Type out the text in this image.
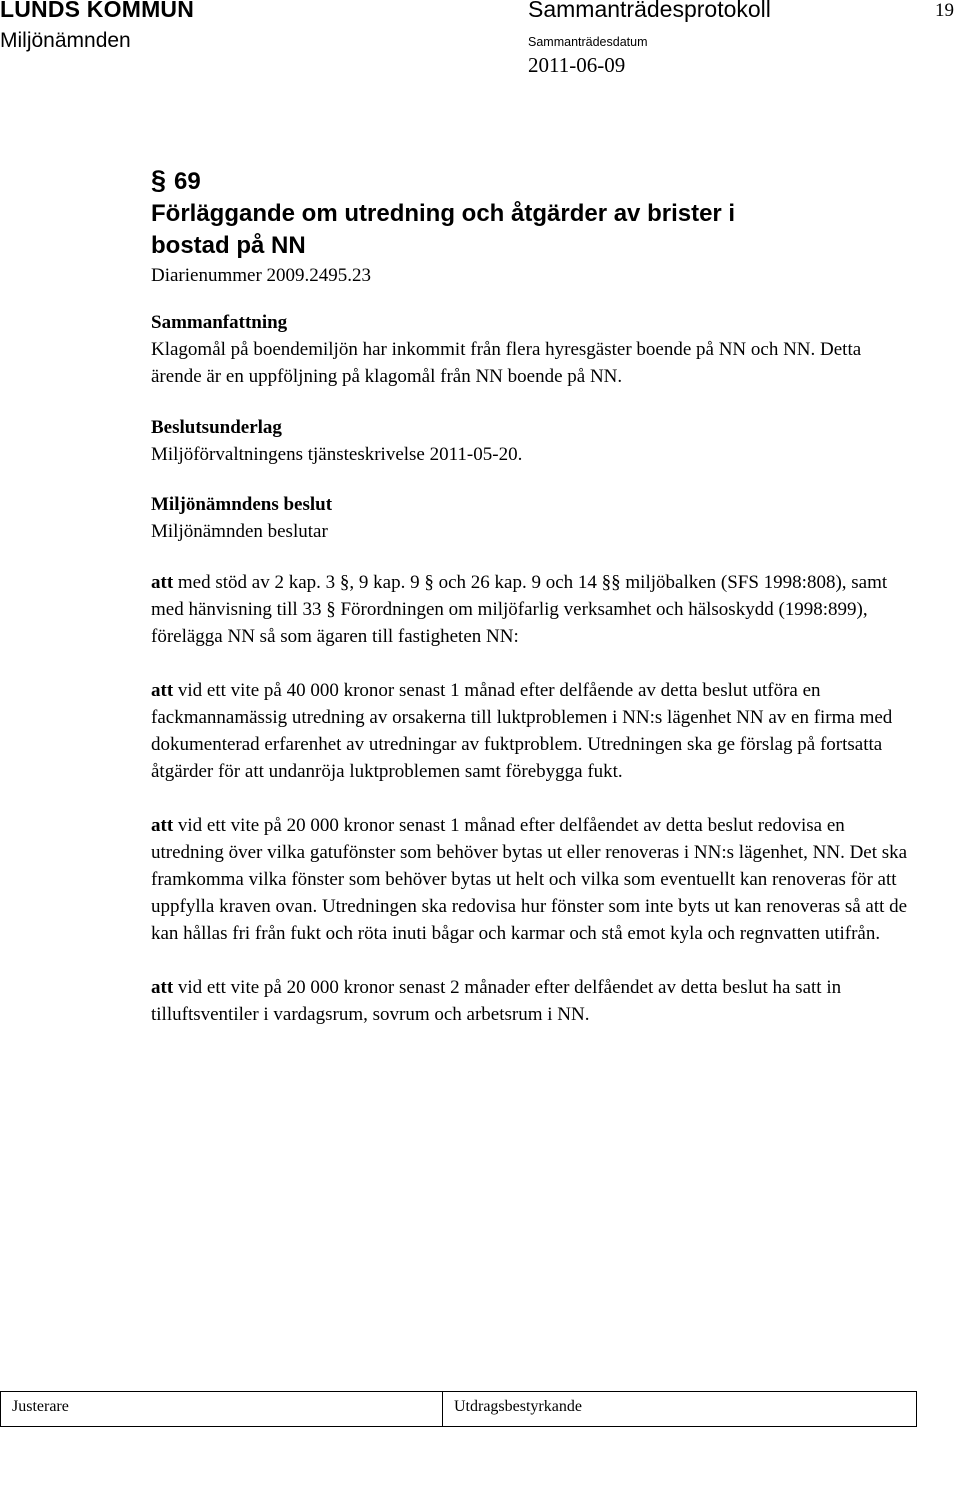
LUNDS KOMMUN
Miljönämnden
Sammanträdesprotokoll	19
Sammanträdesdatum
2011-06-09
§ 69
Förläggande om utredning och åtgärder av brister i
bostad på NN

Diarienummer 2009.2495.23

Sammanfattning

Klagomål på boendemiljön har inkommit från flera hyresgäster boende på NN och NN. Detta ärende är en uppföljning på klagomål från NN boende på NN.

Beslutsunderlag

Miljöförvaltningens tjänsteskrivelse 2011-05-20.

Miljönämndens beslut

Miljönämnden beslutar

att med stöd av 2 kap. 3 §, 9 kap. 9 § och 26 kap. 9 och 14 §§ miljöbalken (SFS 1998:808), samt med hänvisning till 33 § Förordningen om miljöfarlig verksamhet och hälsoskydd (1998:899), förelägga NN så som ägaren till fastigheten NN:

att vid ett vite på 40 000 kronor senast 1 månad efter delfående av detta beslut utföra en fackmannamässig utredning av orsakerna till luktproblemen i NN:s lägenhet NN av en firma med dokumenterad erfarenhet av utredningar av fuktproblem. Utredningen ska ge förslag på fortsatta åtgärder för att undanröja luktproblemen samt förebygga fukt.

att vid ett vite på 20 000 kronor senast 1 månad efter delfåendet av detta beslut redovisa en utredning över vilka gatufönster som behöver bytas ut eller renoveras i NN:s lägenhet, NN. Det ska framkomma vilka fönster som behöver bytas ut helt och vilka som eventuellt kan renoveras för att uppfylla kraven ovan. Utredningen ska redovisa hur fönster som inte byts ut kan renoveras så att de kan hållas fri från fukt och röta inuti bågar och karmar och stå emot kyla och regnvatten utifrån.

att vid ett vite på 20 000 kronor senast 2 månader efter delfåendet av detta beslut ha satt in tilluftsventiler i vardagsrum, sovrum och arbetsrum i NN.

Justerare	Utdragsbestyrkande
